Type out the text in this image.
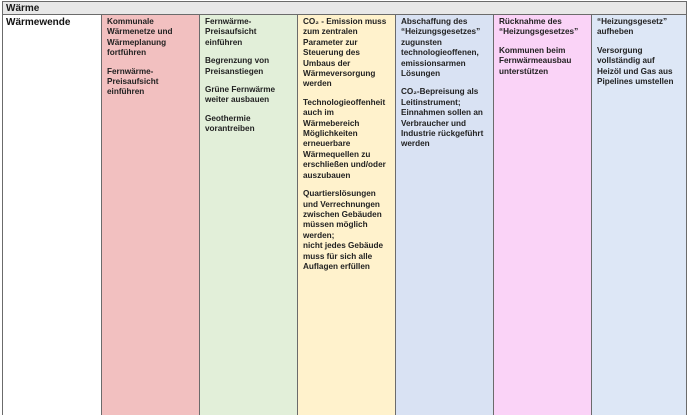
Wärme
Wärmewende	Kommunale Wärmenetze und Wärmeplanung fortführen

Fernwärme-Preisaufsicht einführen

Fernwärme-Preisaufsicht einführen

Begrenzung von Preisanstiegen

Grüne Fernwärme weiter ausbauen

Geothermie vorantreiben

CO₂ - Emission muss zum zentralen Parameter zur Steuerung des Umbaus der Wärmeversorgung werden

Technologieoffenheit auch im Wärmebereich Möglichkeiten erneuerbare Wärmequellen zu erschließen und/oder auszubauen

Quartierslösungen und Verrechnungen zwischen Gebäuden müssen möglich werden;
nicht jedes Gebäude muss für sich alle Auflagen erfüllen

Abschaffung des “Heizungsgesetzes” zugunsten technologieoffenen, emissionsarmen Lösungen

CO₂-Bepreisung als Leitinstrument; Einnahmen sollen an Verbraucher und Industrie rückgeführt werden

Rücknahme des “Heizungsgesetzes”

Kommunen beim Fernwärmeausbau unterstützen

“Heizungsgesetz” aufheben

Versorgung vollständig auf Heizöl und Gas aus Pipelines umstellen
